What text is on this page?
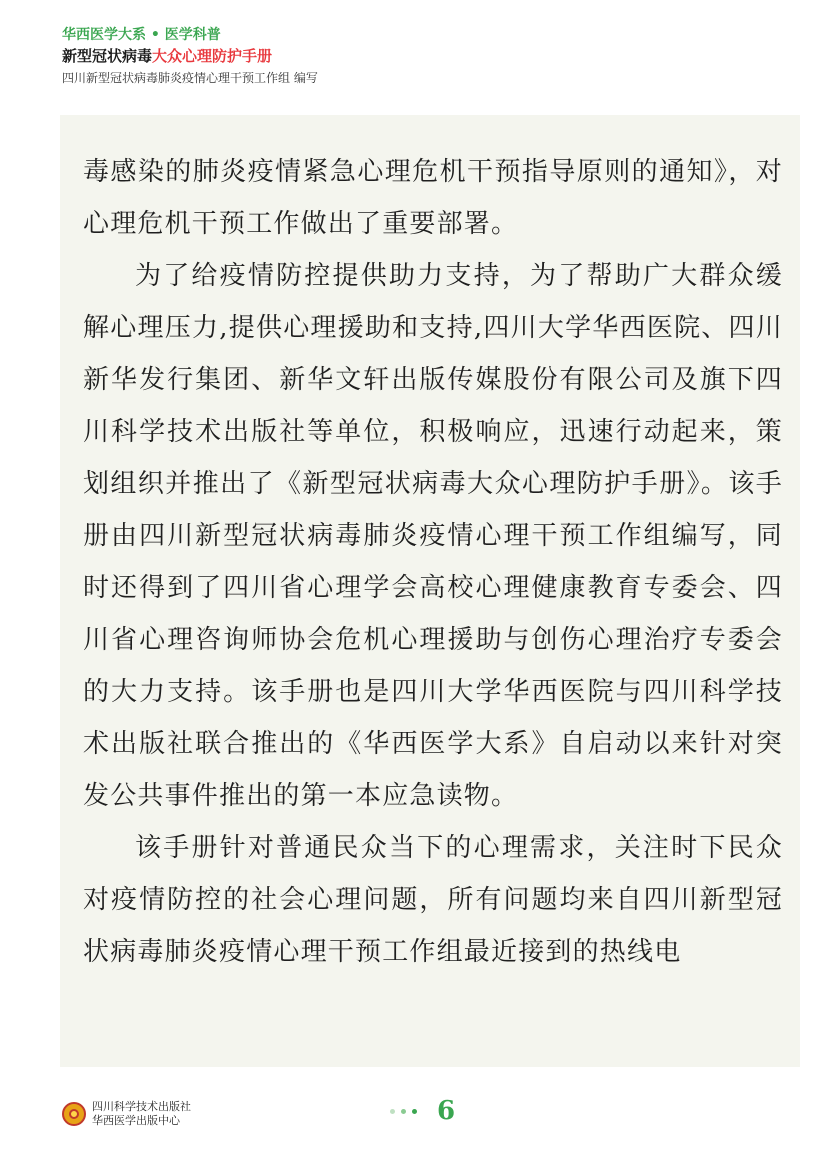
华西医学大系 • 医学科普
新型冠状病毒大众心理防护手册
四川新型冠状病毒肺炎疫情心理干预工作组 编写

毒感染的肺炎疫情紧急心理危机干预指导原则的通知》，对心理危机干预工作做出了重要部署。

为了给疫情防控提供助力支持，为了帮助广大群众缓解心理压力,提供心理援助和支持,四川大学华西医院、四川新华发行集团、新华文轩出版传媒股份有限公司及旗下四川科学技术出版社等单位，积极响应，迅速行动起来，策划组织并推出了《新型冠状病毒大众心理防护手册》。该手册由四川新型冠状病毒肺炎疫情心理干预工作组编写，同时还得到了四川省心理学会高校心理健康教育专委会、四川省心理咨询师协会危机心理援助与创伤心理治疗专委会的大力支持。该手册也是四川大学华西医院与四川科学技术出版社联合推出的《华西医学大系》自启动以来针对突发公共事件推出的第一本应急读物。

该手册针对普通民众当下的心理需求，关注时下民众对疫情防控的社会心理问题，所有问题均来自四川新型冠状病毒肺炎疫情心理干预工作组最近接到的热线电

四川科学技术出版社
华西医学出版中心	6
